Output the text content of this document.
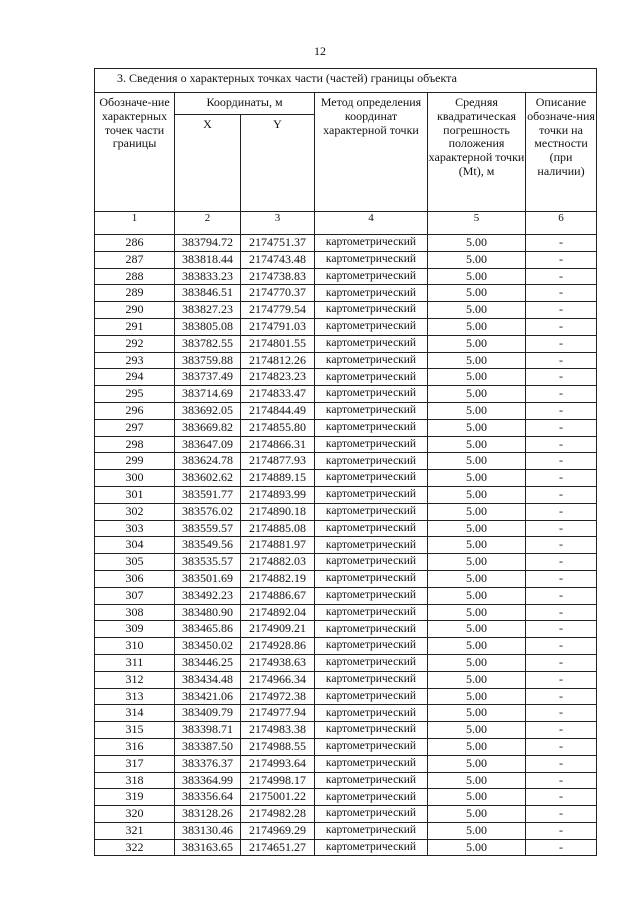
12
3. Сведения о характерных точках части (частей) границы объекта					
Обозначе-ние характерных точек части границы	Координаты, м		Метод определения координат характерной точки	Средняя квадратическая погрешность положения характерной точки (Mt), м	Описание обозначе-ния точки на местности (при наличии)
	X	Y			
1	2	3	4	5	6
286	383794.72	2174751.37	картометрический	5.00	-
287	383818.44	2174743.48	картометрический	5.00	-
288	383833.23	2174738.83	картометрический	5.00	-
289	383846.51	2174770.37	картометрический	5.00	-
290	383827.23	2174779.54	картометрический	5.00	-
291	383805.08	2174791.03	картометрический	5.00	-
292	383782.55	2174801.55	картометрический	5.00	-
293	383759.88	2174812.26	картометрический	5.00	-
294	383737.49	2174823.23	картометрический	5.00	-
295	383714.69	2174833.47	картометрический	5.00	-
296	383692.05	2174844.49	картометрический	5.00	-
297	383669.82	2174855.80	картометрический	5.00	-
298	383647.09	2174866.31	картометрический	5.00	-
299	383624.78	2174877.93	картометрический	5.00	-
300	383602.62	2174889.15	картометрический	5.00	-
301	383591.77	2174893.99	картометрический	5.00	-
302	383576.02	2174890.18	картометрический	5.00	-
303	383559.57	2174885.08	картометрический	5.00	-
304	383549.56	2174881.97	картометрический	5.00	-
305	383535.57	2174882.03	картометрический	5.00	-
306	383501.69	2174882.19	картометрический	5.00	-
307	383492.23	2174886.67	картометрический	5.00	-
308	383480.90	2174892.04	картометрический	5.00	-
309	383465.86	2174909.21	картометрический	5.00	-
310	383450.02	2174928.86	картометрический	5.00	-
311	383446.25	2174938.63	картометрический	5.00	-
312	383434.48	2174966.34	картометрический	5.00	-
313	383421.06	2174972.38	картометрический	5.00	-
314	383409.79	2174977.94	картометрический	5.00	-
315	383398.71	2174983.38	картометрический	5.00	-
316	383387.50	2174988.55	картометрический	5.00	-
317	383376.37	2174993.64	картометрический	5.00	-
318	383364.99	2174998.17	картометрический	5.00	-
319	383356.64	2175001.22	картометрический	5.00	-
320	383128.26	2174982.28	картометрический	5.00	-
321	383130.46	2174969.29	картометрический	5.00	-
322	383163.65	2174651.27	картометрический	5.00	-
